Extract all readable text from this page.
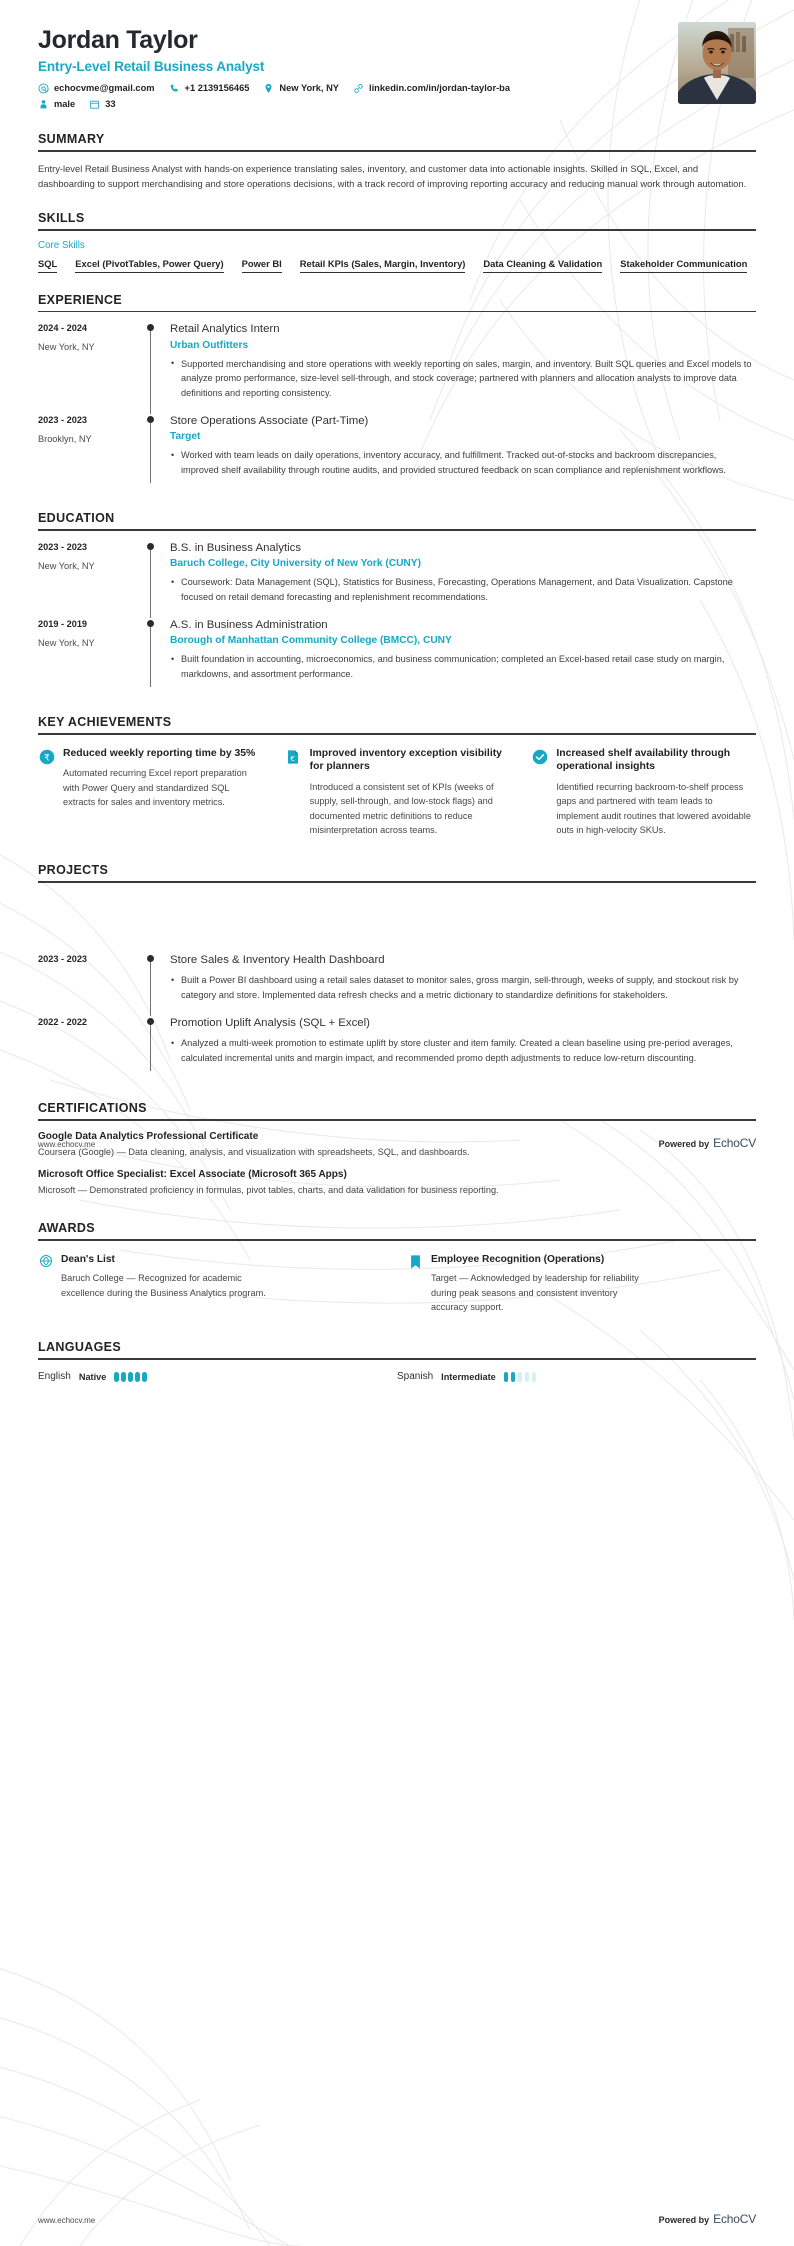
Jordan Taylor
Entry-Level Retail Business Analyst
echocvme@gmail.com	+1 2139156465	New York, NY	linkedin.com/in/jordan-taylor-ba
male	33
SUMMARY
Entry-level Retail Business Analyst with hands-on experience translating sales, inventory, and customer data into actionable insights. Skilled in SQL, Excel, and dashboarding to support merchandising and store operations decisions, with a track record of improving reporting accuracy and reducing manual work through automation.
SKILLS
Core Skills
SQL Excel (PivotTables, Power Query) Power BI Retail KPIs (Sales, Margin, Inventory) Data Cleaning & Validation Stakeholder Communication
EXPERIENCE
2024 - 2024
New York, NY
Retail Analytics Intern
Urban Outfitters
• Supported merchandising and store operations with weekly reporting on sales, margin, and inventory. Built SQL queries and Excel models to analyze promo performance, size-level sell-through, and stock coverage; partnered with planners and allocation analysts to improve data definitions and reporting consistency.
2023 - 2023
Brooklyn, NY
Store Operations Associate (Part-Time)
Target
• Worked with team leads on daily operations, inventory accuracy, and fulfillment. Tracked out-of-stocks and backroom discrepancies, improved shelf availability through routine audits, and provided structured feedback on scan compliance and replenishment workflows.
EDUCATION
2023 - 2023
New York, NY
B.S. in Business Analytics
Baruch College, City University of New York (CUNY)
• Coursework: Data Management (SQL), Statistics for Business, Forecasting, Operations Management, and Data Visualization. Capstone focused on retail demand forecasting and replenishment recommendations.
2019 - 2019
New York, NY
A.S. in Business Administration
Borough of Manhattan Community College (BMCC), CUNY
• Built foundation in accounting, microeconomics, and business communication; completed an Excel-based retail case study on margin, markdowns, and assortment performance.
KEY ACHIEVEMENTS
₹ Reduced weekly reporting time by 35%
Automated recurring Excel report preparation with Power Query and standardized SQL extracts for sales and inventory metrics.
€
Improved inventory exception visibility for planners
Introduced a consistent set of KPIs (weeks of supply, sell-through, and low-stock flags) and documented metric definitions to reduce misinterpretation across teams.
Increased shelf availability through operational insights
Identified recurring backroom-to-shelf process gaps and partnered with team leads to implement audit routines that lowered avoidable outs in high-velocity SKUs.
PROJECTS
2023 - 2023	Store Sales & Inventory Health Dashboard
• Built a Power BI dashboard using a retail sales dataset to monitor sales, gross margin, sell-through, weeks of supply, and stockout risk by category and store. Implemented data refresh checks and a metric dictionary to standardize definitions for stakeholders.
2022 - 2022	Promotion Uplift Analysis (SQL + Excel)
• Analyzed a multi-week promotion to estimate uplift by store cluster and item family. Created a clean baseline using pre-period averages, calculated incremental units and margin impact, and recommended promo depth adjustments to reduce low-return discounting.
CERTIFICATIONS
Google Data Analytics Professional Certificate
Coursera (Google) — Data cleaning, analysis, and visualization with spreadsheets, SQL, and dashboards.
Microsoft Office Specialist: Excel Associate (Microsoft 365 Apps)
Microsoft — Demonstrated proficiency in formulas, pivot tables, charts, and data validation for business reporting.
AWARDS
Dean's List
Baruch College — Recognized for academic excellence during the Business Analytics program.
Employee Recognition (Operations)
Target — Acknowledged by leadership for reliability during peak seasons and consistent inventory accuracy support.
LANGUAGES
English Native	Spanish Intermediate
www.echocv.me	Powered by EchoCV
www.echocv.me	Powered by EchoCV
